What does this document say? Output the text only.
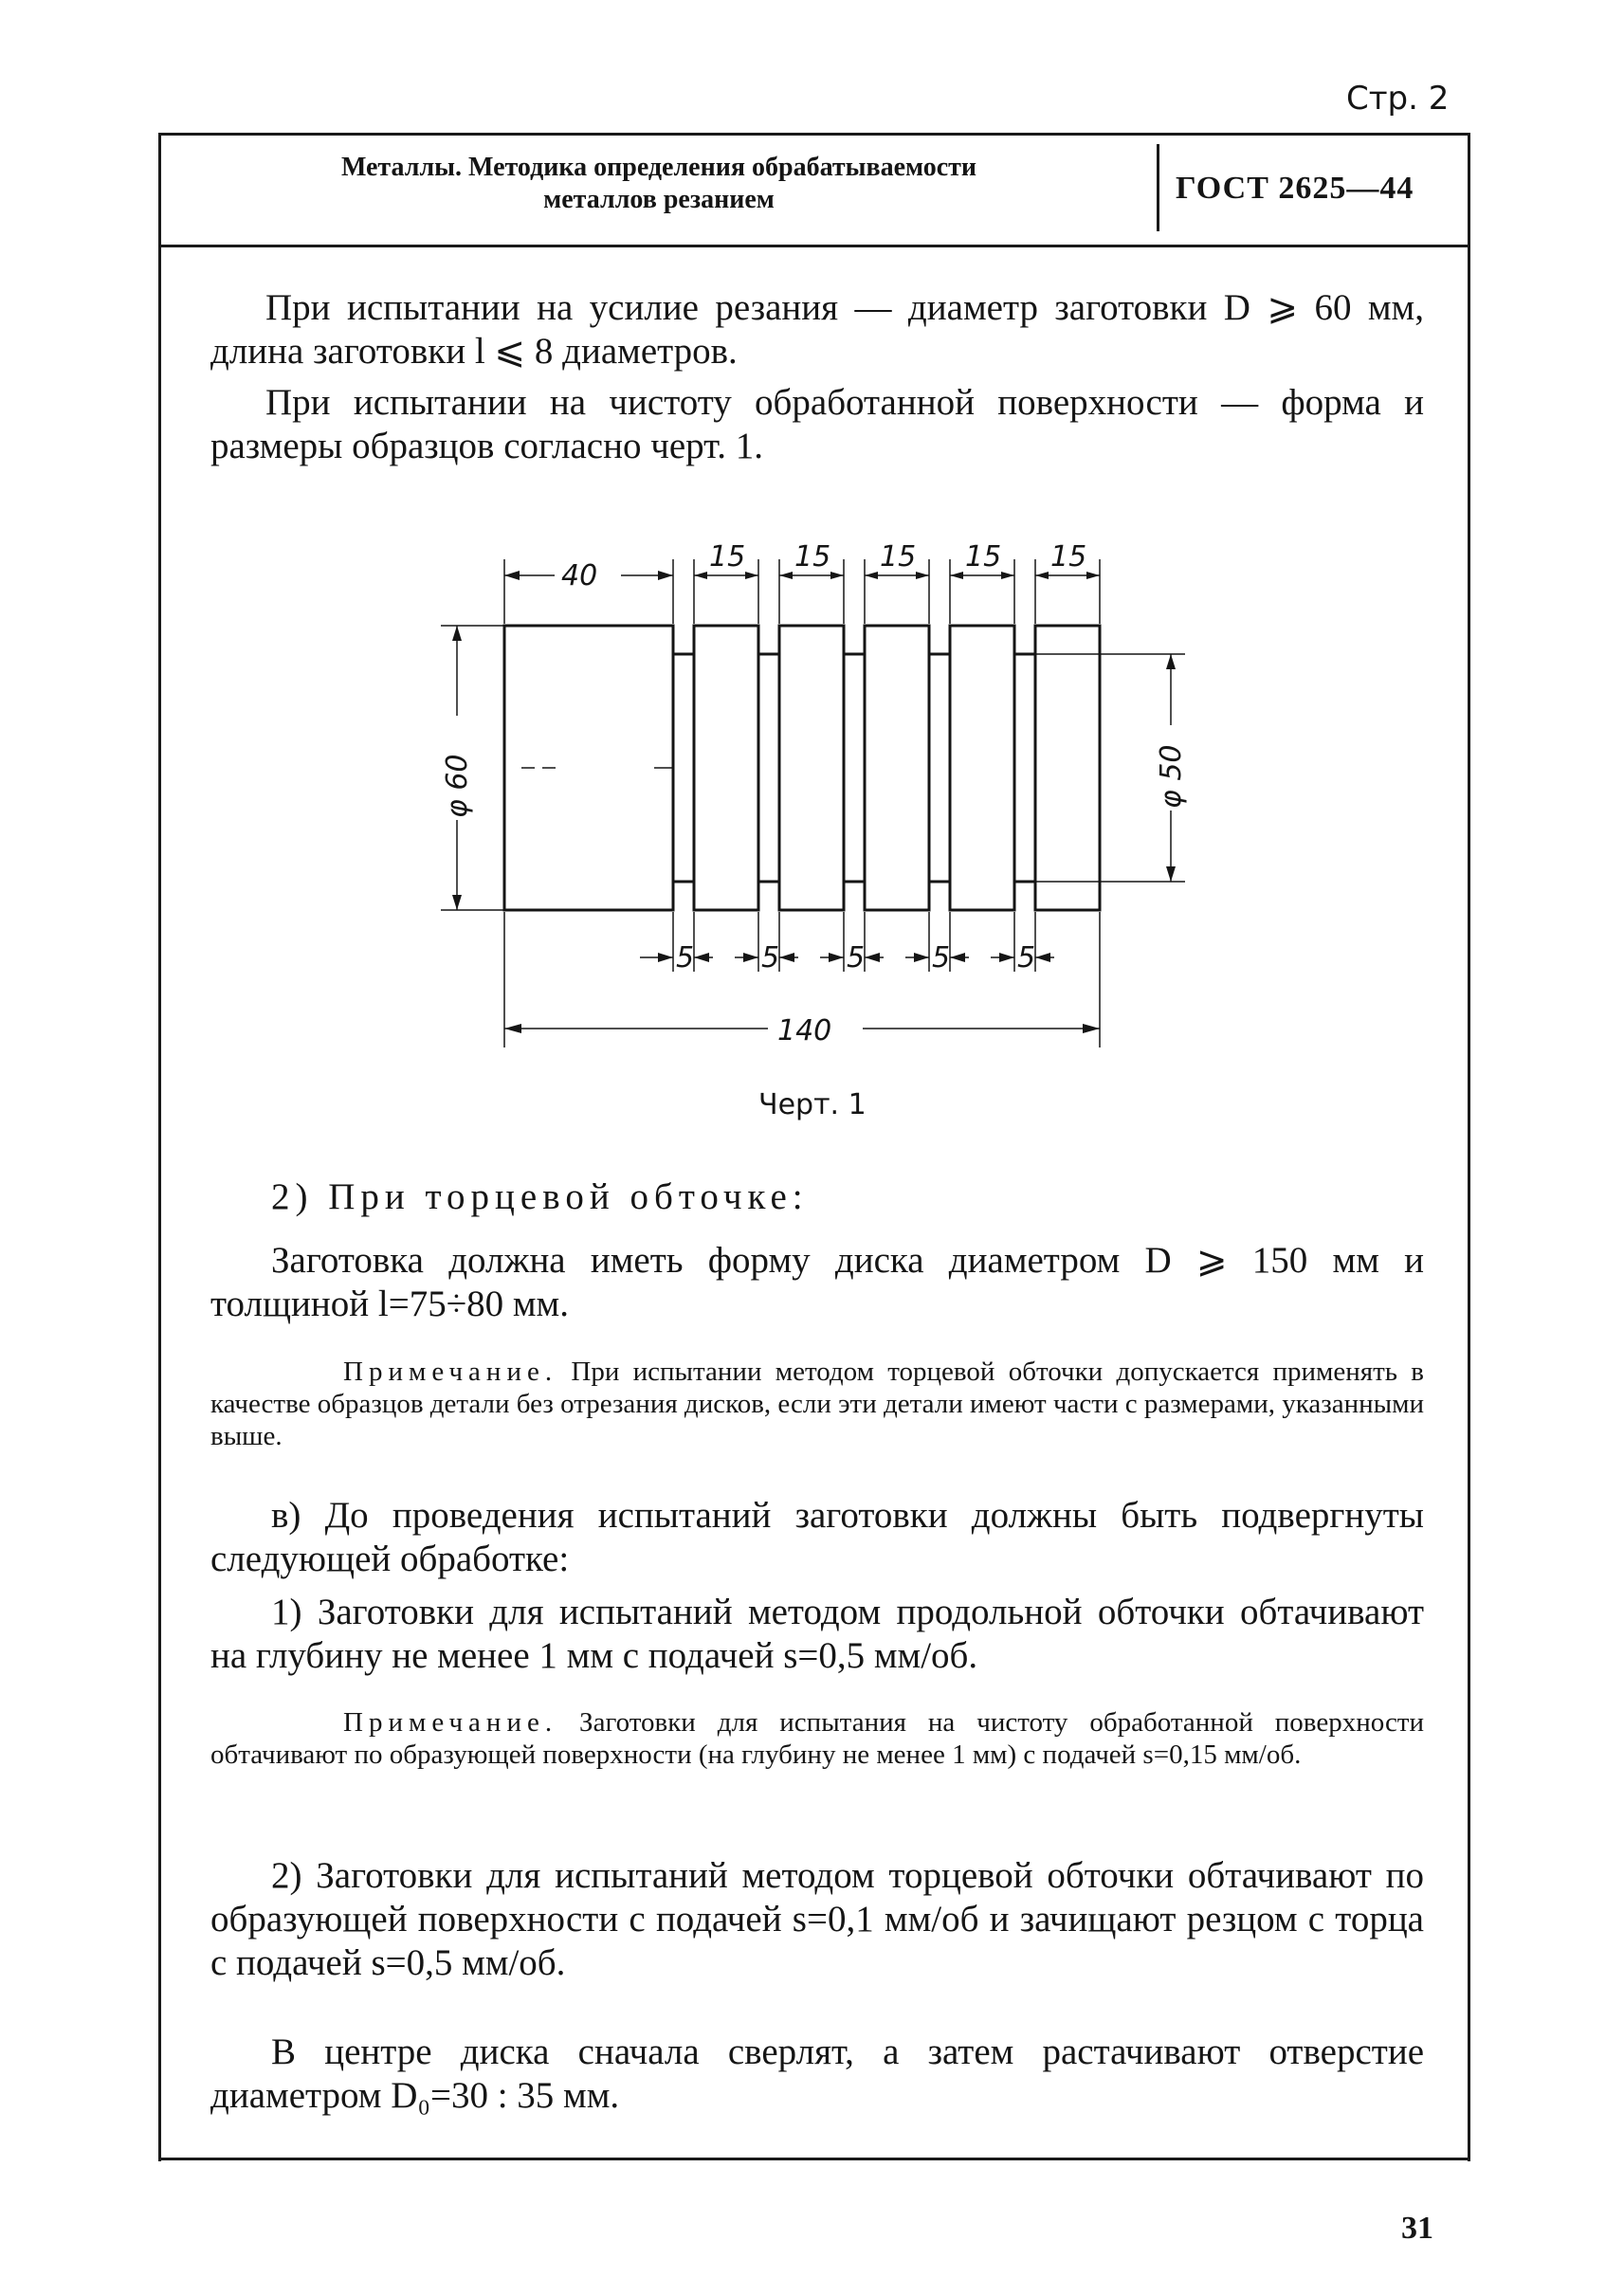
Стр. 2
Металлы. Методика определения обрабатываемости
металлов резанием	ГОСТ 2625—44
При испытании на усилие резания — диаметр заготовки D ⩾ 60 мм, длина заготовки l ⩽ 8 диаметров.
При испытании на чистоту обработанной поверхности — форма и размеры образцов согласно черт. 1.
40
15 15 15 15 15
5 5 5 5 5
140
φ 60	φ 50
Черт. 1
2) При торцевой обточке:
Заготовка должна иметь форму диска диаметром D ⩾ 150 мм и толщиной l=75÷80 мм.
Примечание. При испытании методом торцевой обточки допускается применять в качестве образцов детали без отрезания дисков, если эти детали имеют части с размерами, указанными выше.
в) До проведения испытаний заготовки должны быть подвергнуты следующей обработке:
1) Заготовки для испытаний методом продольной обточки обтачивают на глубину не менее 1 мм с подачей s=0,5 мм/об.
Примечание. Заготовки для испытания на чистоту обработанной поверхности обтачивают по образующей поверхности (на глубину не менее 1 мм) с подачей s=0,15 мм/об.
2) Заготовки для испытаний методом торцевой обточки обтачивают по образующей поверхности с подачей s=0,1 мм/об и зачищают резцом с торца с подачей s=0,5 мм/об.
В центре диска сначала сверлят, а затем растачивают отверстие диаметром D₀=30 : 35 мм.
31
